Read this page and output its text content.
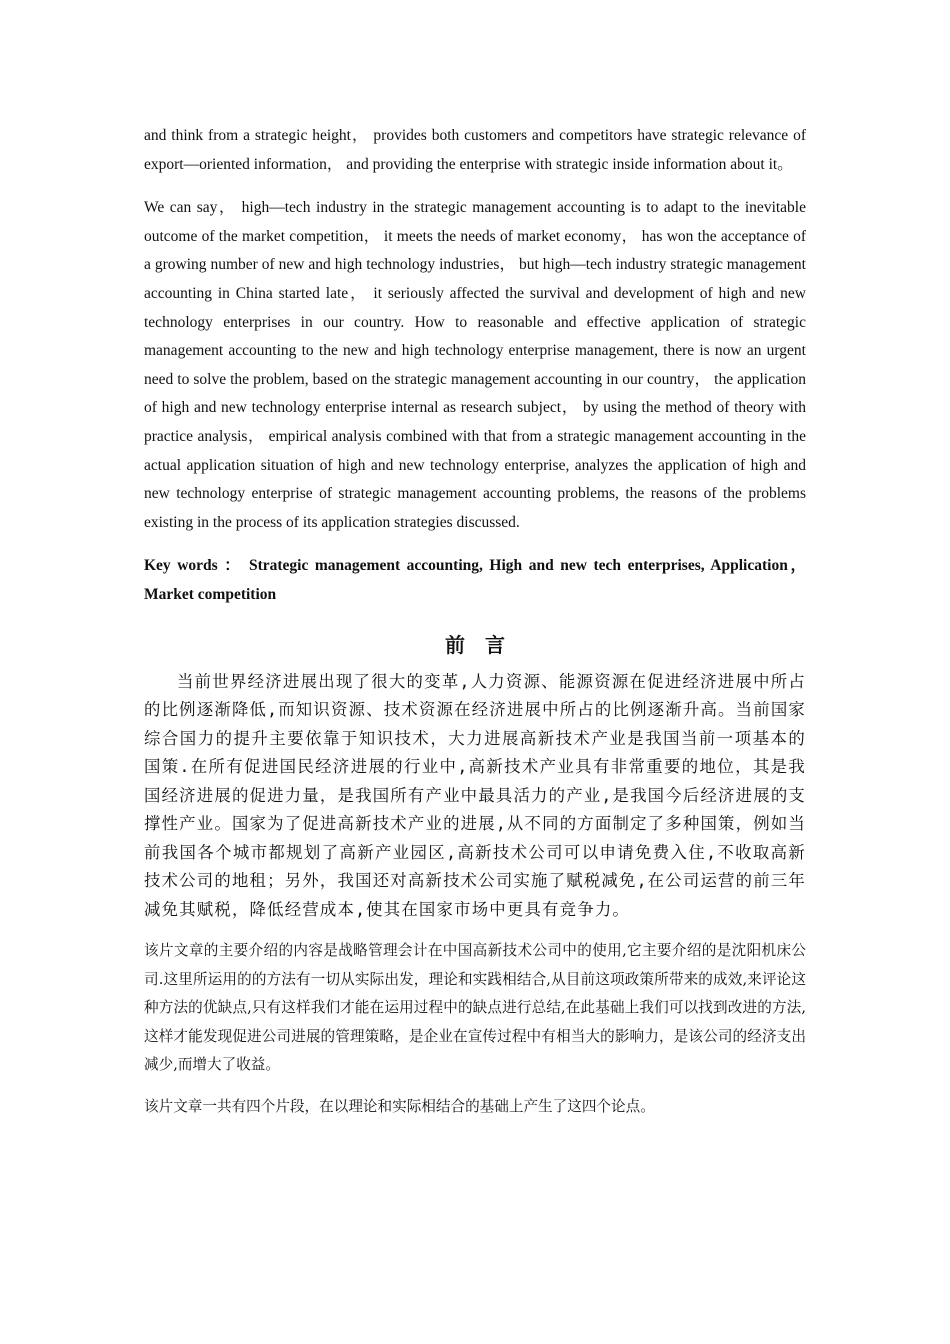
and think from a strategic height， provides both customers and competitors have strategic relevance of export—oriented information， and providing the enterprise with strategic inside information about it。

We can say， high—tech industry in the strategic management accounting is to adapt to the inevitable outcome of the market competition， it meets the needs of market economy， has won the acceptance of a growing number of new and high technology industries， but high—tech industry strategic management accounting in China started late， it seriously affected the survival and development of high and new technology enterprises in our country. How to reasonable and effective application of strategic management accounting to the new and high technology enterprise management, there is now an urgent need to solve the problem, based on the strategic management accounting in our country， the application of high and new technology enterprise internal as research subject， by using the method of theory with practice analysis， empirical analysis combined with that from a strategic management accounting in the actual application situation of high and new technology enterprise, analyzes the application of high and new technology enterprise of strategic management accounting problems, the reasons of the problems existing in the process of its application strategies discussed.

Key words ： Strategic management accounting, High and new tech enterprises, Application， Market competition

前言

当前世界经济进展出现了很大的变革,人力资源、能源资源在促进经济进展中所占的比例逐渐降低,而知识资源、技术资源在经济进展中所占的比例逐渐升高。当前国家综合国力的提升主要依靠于知识技术，大力进展高新技术产业是我国当前一项基本的国策.在所有促进国民经济进展的行业中,高新技术产业具有非常重要的地位，其是我国经济进展的促进力量，是我国所有产业中最具活力的产业,是我国今后经济进展的支撑性产业。国家为了促进高新技术产业的进展,从不同的方面制定了多种国策，例如当前我国各个城市都规划了高新产业园区,高新技术公司可以申请免费入住,不收取高新技术公司的地租；另外，我国还对高新技术公司实施了赋税减免,在公司运营的前三年减免其赋税，降低经营成本,使其在国家市场中更具有竞争力。

该片文章的主要介绍的内容是战略管理会计在中国高新技术公司中的使用,它主要介绍的是沈阳机床公司.这里所运用的的方法有一切从实际出发，理论和实践相结合,从目前这项政策所带来的成效,来评论这种方法的优缺点,只有这样我们才能在运用过程中的缺点进行总结,在此基础上我们可以找到改进的方法,这样才能发现促进公司进展的管理策略，是企业在宣传过程中有相当大的影响力，是该公司的经济支出减少,而增大了收益。

该片文章一共有四个片段，在以理论和实际相结合的基础上产生了这四个论点。
